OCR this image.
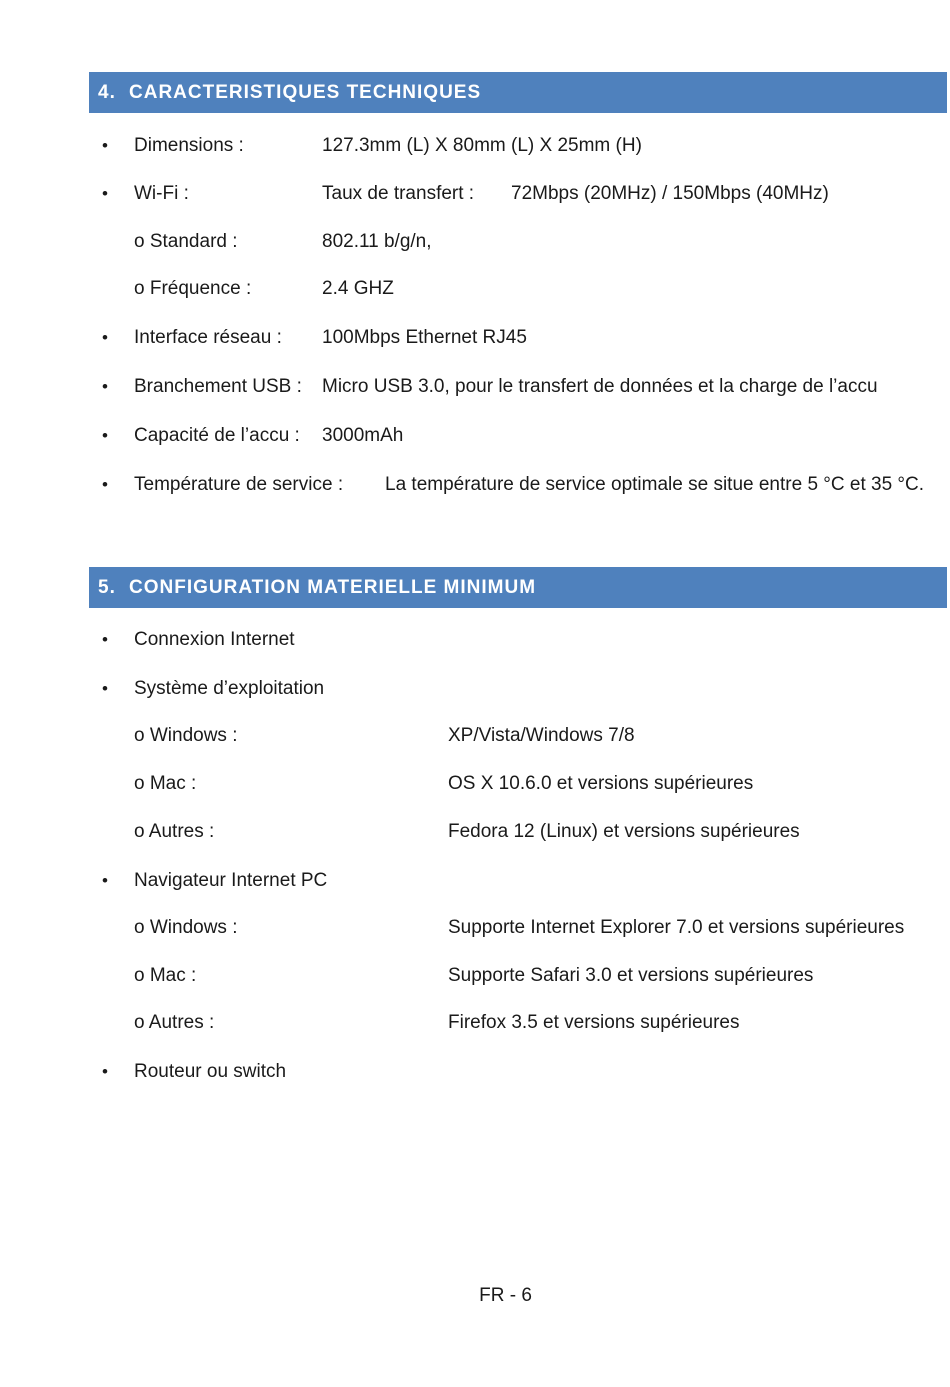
4. CARACTERISTIQUES TECHNIQUES
• Dimensions :	127.3mm (L) X 80mm (L) X 25mm (H)
• Wi-Fi :	Taux de transfert : 72Mbps (20MHz) / 150Mbps (40MHz)
o Standard :	802.11 b/g/n,
o Fréquence :	2.4 GHZ
• Interface réseau : 100Mbps Ethernet RJ45
• Branchement USB : Micro USB 3.0, pour le transfert de données et la charge de l’accu
• Capacité de l’accu : 3000mAh
• Température de service : La température de service optimale se situe entre 5 °C et 35 °C.
5. CONFIGURATION MATERIELLE MINIMUM
• Connexion Internet
• Système d’exploitation
o Windows :	XP/Vista/Windows 7/8
o Mac :	OS X 10.6.0 et versions supérieures
o Autres :	Fedora 12 (Linux) et versions supérieures
• Navigateur Internet PC
o Windows :	Supporte Internet Explorer 7.0 et versions supérieures
o Mac :	Supporte Safari 3.0 et versions supérieures
o Autres :	Firefox 3.5 et versions supérieures
• Routeur ou switch
FR - 6
